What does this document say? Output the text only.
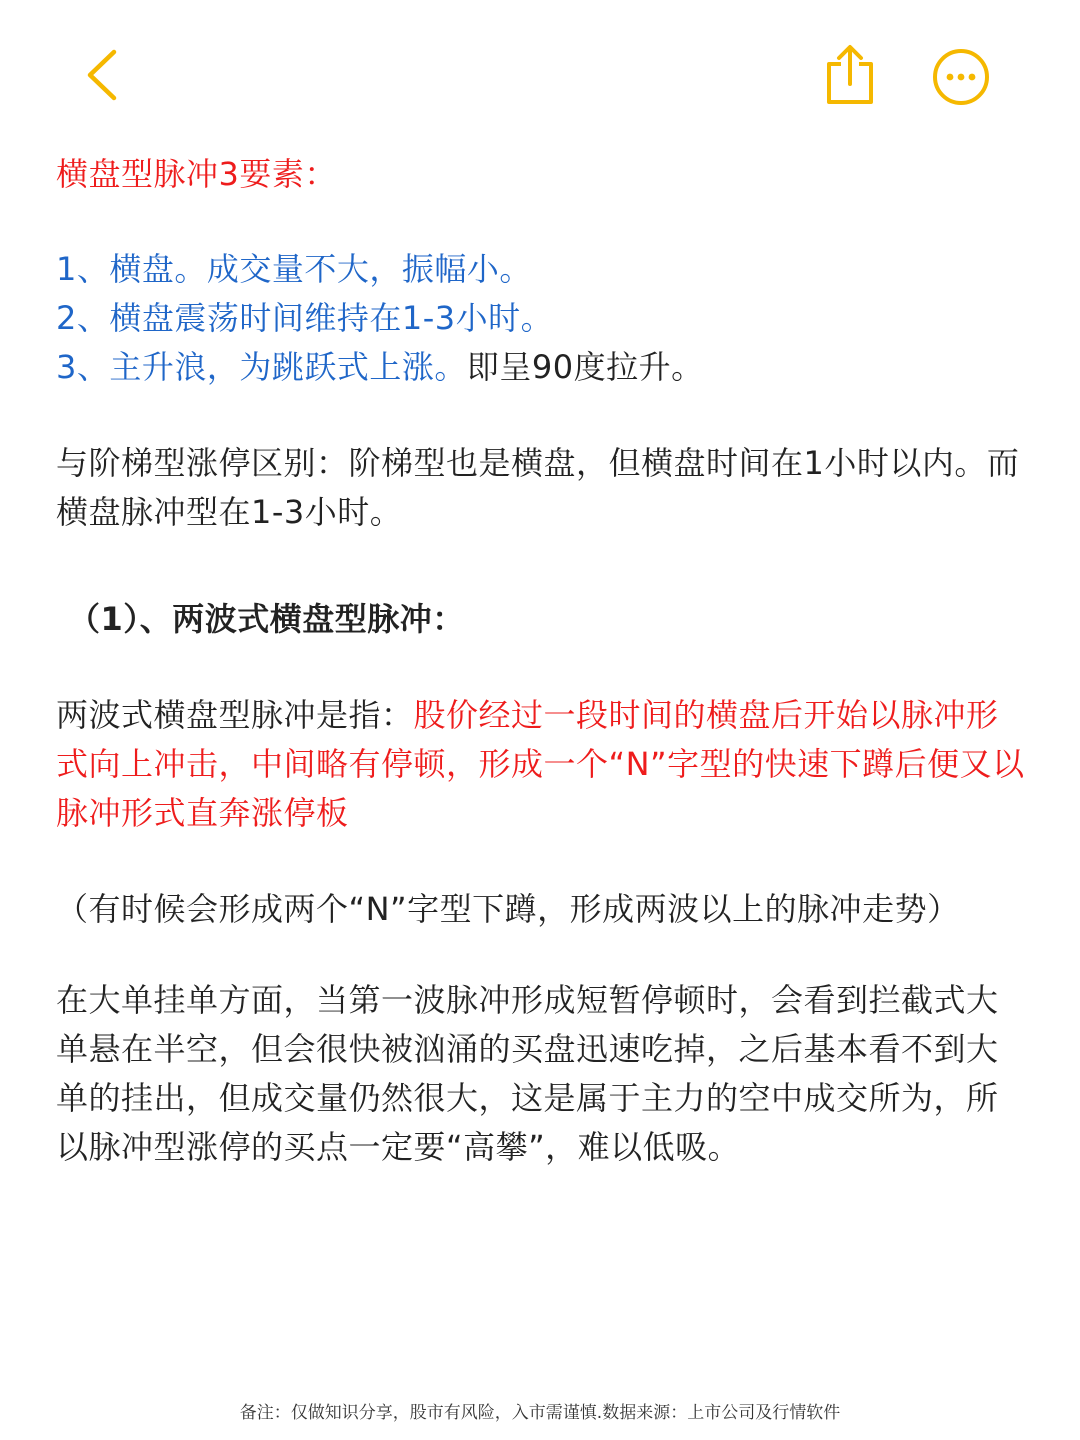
横盘型脉冲3要素：

1、横盘。成交量不大，振幅小。

2、横盘震荡时间维持在1-3小时。

3、主升浪，为跳跃式上涨。即呈90度拉升。

与阶梯型涨停区别：阶梯型也是横盘，但横盘时间在1小时以内。而横盘脉冲型在1-3小时。

（1）、两波式横盘型脉冲：

两波式横盘型脉冲是指：股价经过一段时间的横盘后开始以脉冲形式向上冲击，中间略有停顿，形成一个“N”字型的快速下蹲后便又以脉冲形式直奔涨停板

（有时候会形成两个“N”字型下蹲，形成两波以上的脉冲走势）

在大单挂单方面，当第一波脉冲形成短暂停顿时，会看到拦截式大单悬在半空，但会很快被汹涌的买盘迅速吃掉，之后基本看不到大单的挂出，但成交量仍然很大，这是属于主力的空中成交所为，所以脉冲型涨停的买点一定要“高攀”，难以低吸。

备注：仅做知识分享，股市有风险，入市需谨慎.数据来源：上市公司及行情软件
